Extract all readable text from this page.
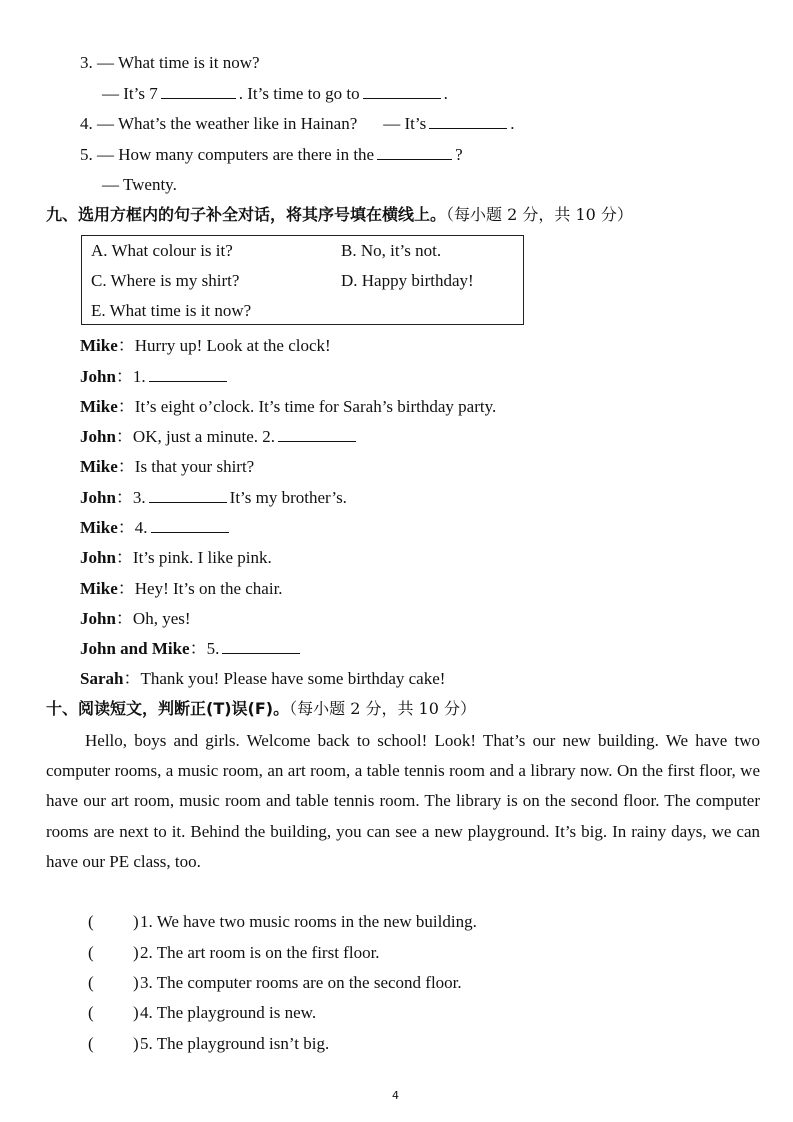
3. — What time is it now?
— It’s 7	. It’s time to go to	.
4. — What’s the weather like in Hainan? — It’s	.
5. — How many computers are there in the	?
— Twenty.
九、选用方框内的句子补全对话，将其序号填在横线上。（每小题 2 分，共 10 分）
A. What colour is it?	B. No, it’s not.
C. Where is my shirt?	D. Happy birthday!
E. What time is it now?
Mike：Hurry up! Look at the clock!
John：1.
Mike：It’s eight o’clock. It’s time for Sarah’s birthday party.
John：OK, just a minute. 2.
Mike：Is that your shirt?
John：3.	It’s my brother’s.
Mike：4.
John：It’s pink. I like pink.
Mike：Hey! It’s on the chair.
John：Oh, yes!
John and Mike：5.
Sarah：Thank you! Please have some birthday cake!
十、阅读短文，判断正(T)误(F)。（每小题 2 分，共 10 分）
Hello, boys and girls. Welcome back to school! Look! That’s our new building. We have two computer rooms, a music room, an art room, a table tennis room and a library now. On the first floor, we have our art room, music room and table tennis room. The library is on the second floor. The computer rooms are next to it. Behind the building, you can see a new playground. It’s big. In rainy days, we can have our PE class, too.
( ) 1. We have two music rooms in the new building.
( ) 2. The art room is on the first floor.
( ) 3. The computer rooms are on the second floor.
( ) 4. The playground is new.
( ) 5. The playground isn’t big.
4
